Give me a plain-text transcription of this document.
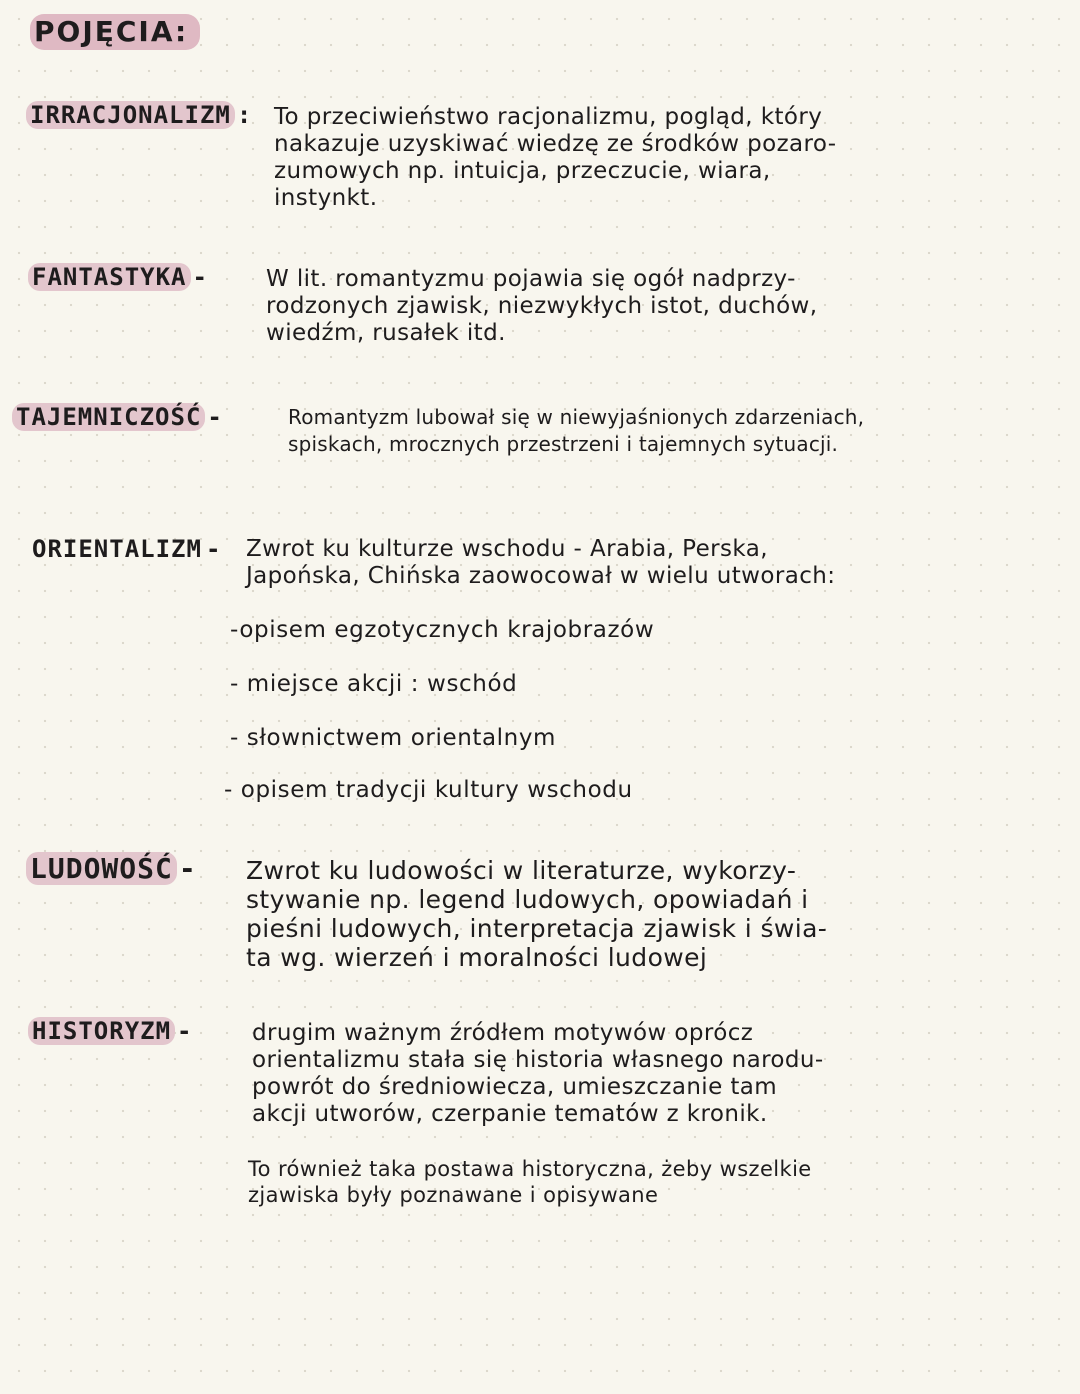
POJĘCIA:
IRRACJONALIZM : To przeciwieństwo racjonalizmu, pogląd, który
nakazuje uzyskiwać wiedzę ze środków pozaro-
zumowych np. intuicja, przeczucie, wiara,
instynkt.
FANTASTYKA -	W lit. romantyzmu pojawia się ogół nadprzy-
rodzonych zjawisk, niezwykłych istot, duchów,
wiedźm, rusałek itd.
TAJEMNICZOŚĆ -	Romantyzm lubował się w niewyjaśnionych zdarzeniach,
spiskach, mrocznych przestrzeni i tajemnych sytuacji.
ORIENTALIZM - Zwrot ku kulturze wschodu - Arabia, Perska,
Japońska, Chińska zaowocował w wielu utworach:
-opisem egzotycznych krajobrazów
- miejsce akcji : wschód
- słownictwem orientalnym
- opisem tradycji kultury wschodu
LUDOWOŚĆ - Zwrot ku ludowości w literaturze, wykorzy-
stywanie np. legend ludowych, opowiadań i
pieśni ludowych, interpretacja zjawisk i świa-
ta wg. wierzeń i moralności ludowej
HISTORYZM -	drugim ważnym źródłem motywów oprócz
orientalizmu stała się historia własnego narodu-
powrót do średniowiecza, umieszczanie tam
akcji utworów, czerpanie tematów z kronik.
To również taka postawa historyczna, żeby wszelkie
zjawiska były poznawane i opisywane
